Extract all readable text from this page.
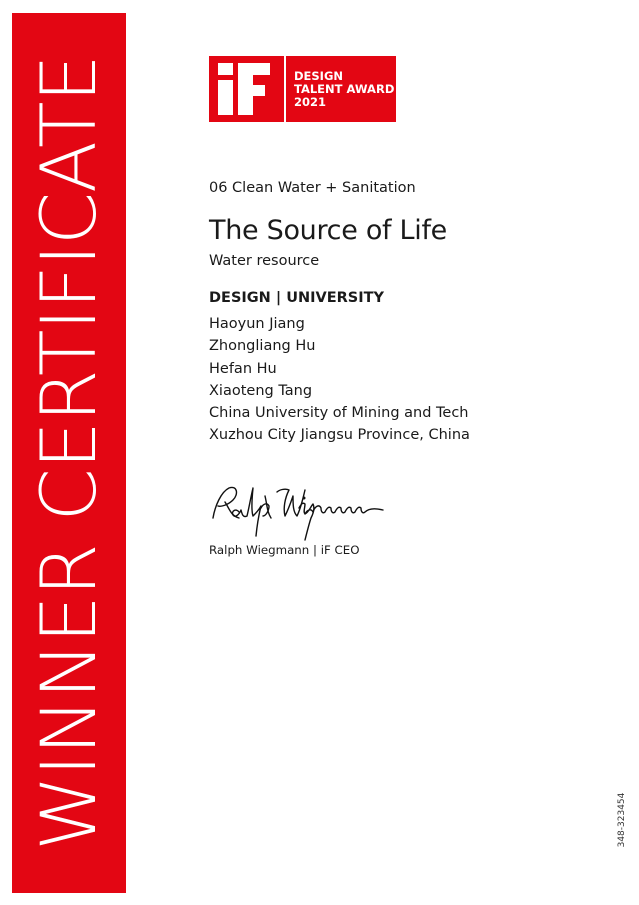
WINNER CERTIFICATE	DESIGN
TALENT AWARD
2021
06 Clean Water + Sanitation
The Source of Life
Water resource
DESIGN | UNIVERSITY
Haoyun Jiang
Zhongliang Hu
Hefan Hu
Xiaoteng Tang
China University of Mining and Tech
Xuzhou City Jiangsu Province, China
Ralph Wiegmann | iF CEO
348-323454
